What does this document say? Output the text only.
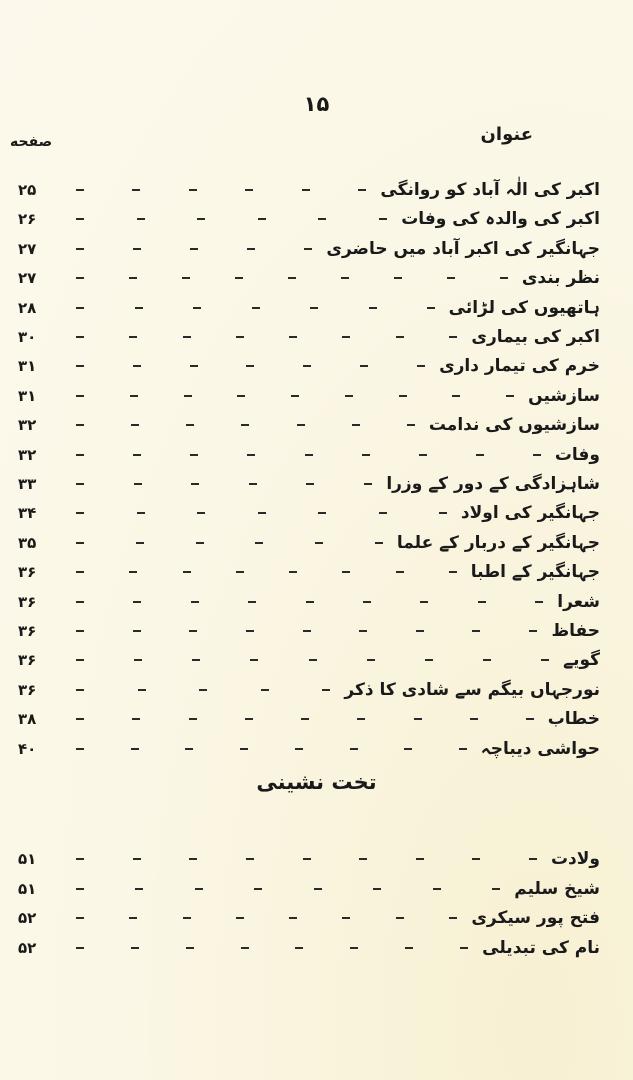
۱۵
عنوان
صفحه
اکبر کی الٰہ آباد کو روانگی
۲۵
اکبر کی والدہ کی وفات
۲۶
جہانگیر کی اکبر آباد میں حاضری
۲۷
نظر بندی
۲۷
ہاتھیوں کی لڑائی
۲۸
اکبر کی بیماری
۳۰
خرم کی تیمار داری
۳۱
سازشیں
۳۱
سازشیوں کی ندامت
۳۲
وفات
۳۲
شاہزادگی کے دور کے وزرا
۳۳
جہانگیر کی اولاد
۳۴
جہانگیر کے دربار کے علما
۳۵
جہانگیر کے اطبا
۳۶
شعرا
۳۶
حفاظ
۳۶
گویے
۳۶
نورجہاں بیگم سے شادی کا ذکر
۳۶
خطاب
۳۸
حواشی دیباچہ
۴۰
تخت نشینی
ولادت
۵۱
شیخ سلیم
۵۱
فتح پور سیکری
۵۲
نام کی تبدیلی
۵۲
